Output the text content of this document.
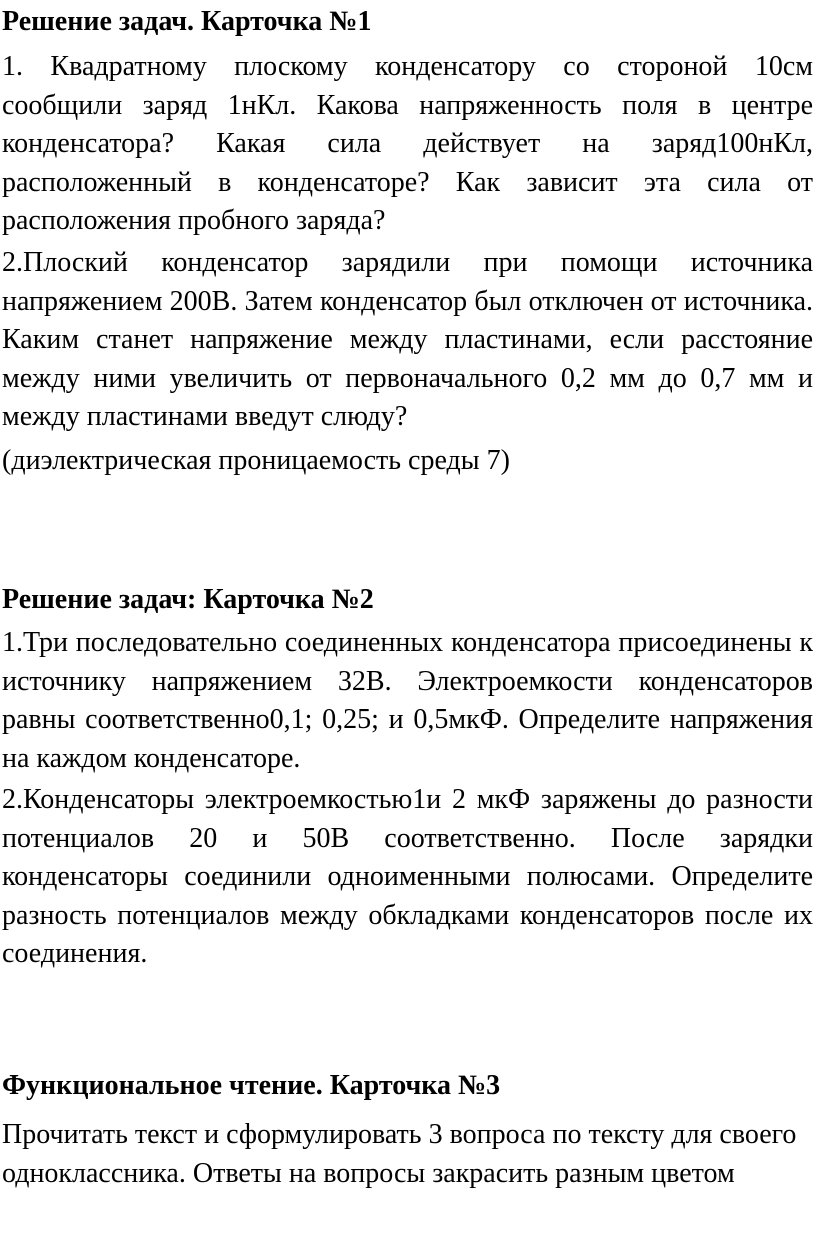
Решение задач. Карточка №1

1. Квадратному плоскому конденсатору со стороной 10см сообщили заряд 1нКл. Какова напряженность поля в центре конденсатора? Какая сила действует на заряд100нКл, расположенный в конденсаторе? Как зависит эта сила от расположения пробного заряда?

2.Плоский конденсатор зарядили при помощи источника напряжением 200В. Затем конденсатор был отключен от источника. Каким станет напряжение между пластинами, если расстояние между ними увеличить от первоначального 0,2 мм до 0,7 мм и между пластинами введут слюду?

(диэлектрическая проницаемость среды 7)

Решение задач: Карточка №2

1.Три последовательно соединенных конденсатора присоединены к источнику напряжением 32В. Электроемкости конденсаторов равны соответственно0,1; 0,25; и 0,5мкФ. Определите напряжения на каждом конденсаторе.

2.Конденсаторы электроемкостью1и 2 мкФ заряжены до разности потенциалов 20 и 50В соответственно. После зарядки конденсаторы соединили одноименными полюсами. Определите разность потенциалов между обкладками конденсаторов после их соединения.

Функциональное чтение. Карточка №3

Прочитать текст и сформулировать 3 вопроса по тексту для своего одноклассника. Ответы на вопросы закрасить разным цветом
